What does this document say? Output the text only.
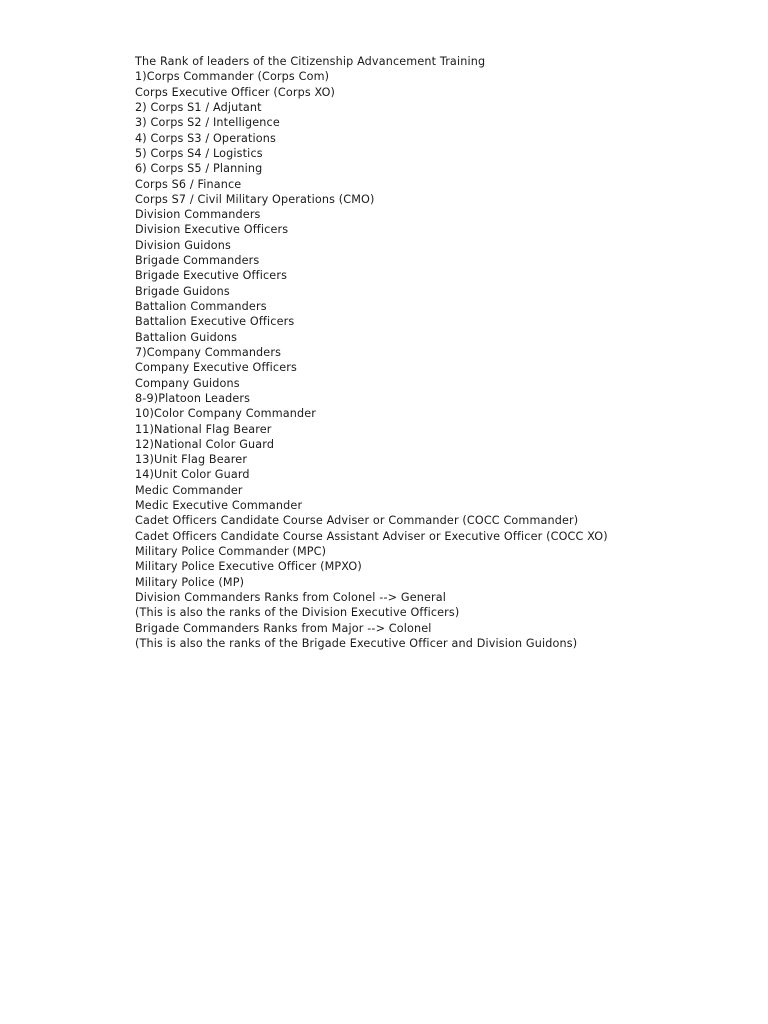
The Rank of leaders of the Citizenship Advancement Training
1)Corps Commander (Corps Com)
Corps Executive Officer (Corps XO)
2) Corps S1 / Adjutant
3) Corps S2 / Intelligence
4) Corps S3 / Operations
5) Corps S4 / Logistics
6) Corps S5 / Planning
Corps S6 / Finance
Corps S7 / Civil Military Operations (CMO)
Division Commanders
Division Executive Officers
Division Guidons
Brigade Commanders
Brigade Executive Officers
Brigade Guidons
Battalion Commanders
Battalion Executive Officers
Battalion Guidons
7)Company Commanders
Company Executive Officers
Company Guidons
8-9)Platoon Leaders
10)Color Company Commander
11)National Flag Bearer
12)National Color Guard
13)Unit Flag Bearer
14)Unit Color Guard
Medic Commander
Medic Executive Commander
Cadet Officers Candidate Course Adviser or Commander (COCC Commander)
Cadet Officers Candidate Course Assistant Adviser or Executive Officer (COCC XO)
Military Police Commander (MPC)
Military Police Executive Officer (MPXO)
Military Police (MP)
Division Commanders Ranks from Colonel --> General
(This is also the ranks of the Division Executive Officers)
Brigade Commanders Ranks from Major --> Colonel
(This is also the ranks of the Brigade Executive Officer and Division Guidons)
